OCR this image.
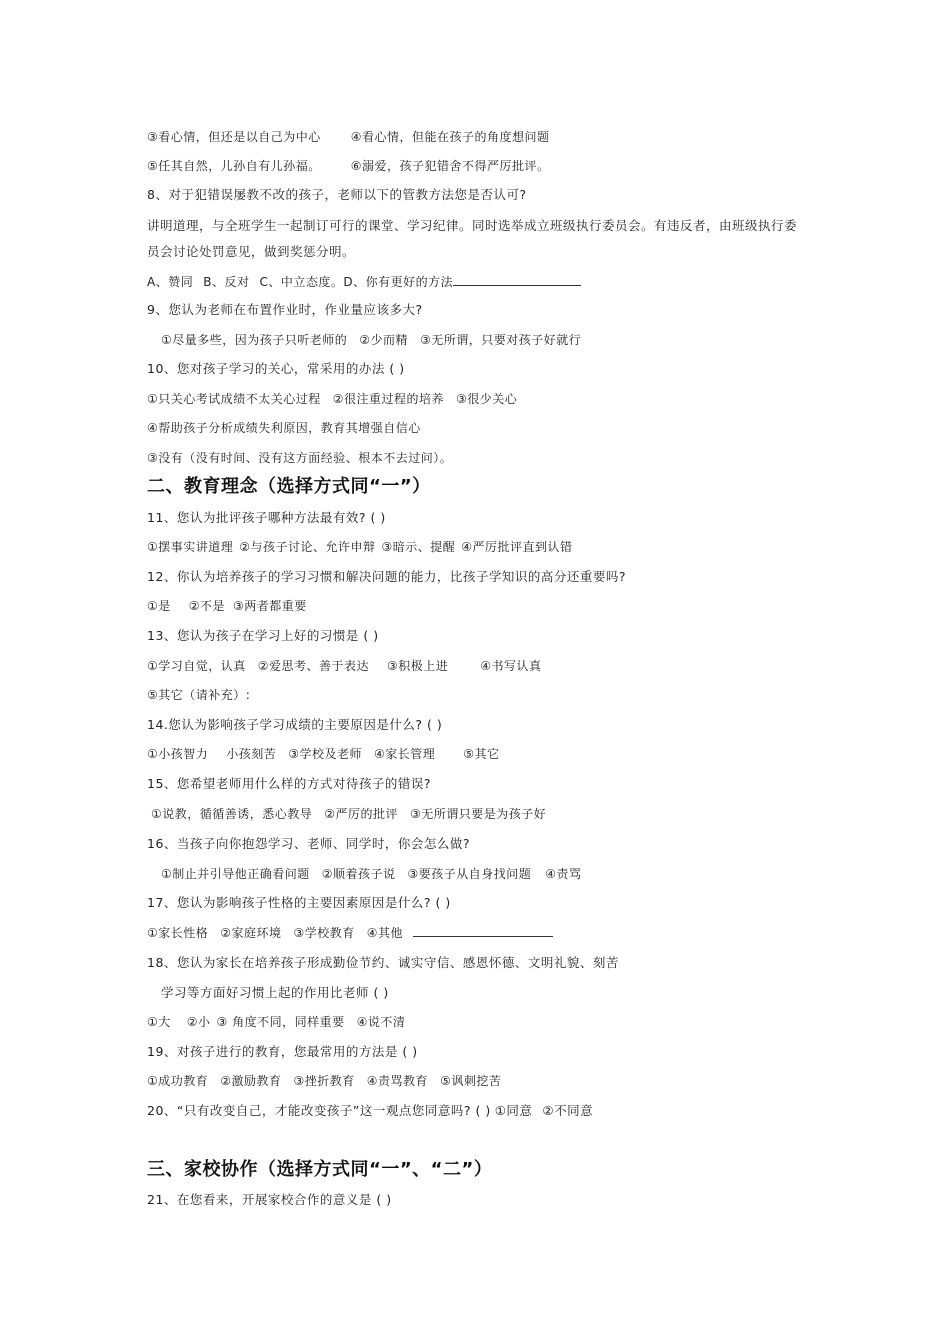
③看心情，但还是以自己为中心	④看心情，但能在孩子的角度想问题
⑤任其自然，儿孙自有儿孙福。	⑥溺爱，孩子犯错舍不得严厉批评。
8、对于犯错误屡教不改的孩子，老师以下的管教方法您是否认可?
讲明道理，与全班学生一起制订可行的课堂、学习纪律。同时选举成立班级执行委员会。有违反者，由班级执行委
员会讨论处罚意见，做到奖惩分明。
A、赞同 B、反对 C、中立态度。D、你有更好的方法
9、您认为老师在布置作业时，作业量应该多大?
①尽量多些，因为孩子只听老师的 ②少而精 ③无所谓，只要对孩子好就行
10、您对孩子学习的关心，常采用的办法 ( )
①只关心考试成绩不太关心过程 ②很注重过程的培养 ③很少关心
④帮助孩子分析成绩失利原因，教育其增强自信心
③没有（没有时间、没有这方面经验、根本不去过问）。
二、教育理念（选择方式同“一”）
11、您认为批评孩子哪种方法最有效? ( )
①摆事实讲道理 ②与孩子讨论、允许申辩 ③暗示、提醒 ④严厉批评直到认错
12、你认为培养孩子的学习习惯和解决问题的能力，比孩子学知识的高分还重要吗?
①是 ②不是 ③两者都重要
13、您认为孩子在学习上好的习惯是 ( )
①学习自觉，认真 ②爱思考、善于表达 ③积极上进	④书写认真
⑤其它（请补充）:
14.您认为影响孩子学习成绩的主要原因是什么? ( )
①小孩智力 小孩刻苦 ③学校及老师 ④家长管理 ⑤其它
15、您希望老师用什么样的方式对待孩子的错误?
①说教，循循善诱，悉心教导 ②严厉的批评 ③无所谓只要是为孩子好
16、当孩子向你抱怨学习、老师、同学时，你会怎么做?
①制止并引导他正确看问题 ②顺着孩子说 ③要孩子从自身找问题 ④责骂
17、您认为影响孩子性格的主要因素原因是什么? ( )
①家长性格 ②家庭环境 ③学校教育 ④其他
18、您认为家长在培养孩子形成勤俭节约、诚实守信、感恩怀德、文明礼貌、刻苦
学习等方面好习惯上起的作用比老师 ( )
①大 ②小 ③ 角度不同，同样重要 ④说不清
19、对孩子进行的教育，您最常用的方法是 ( )
①成功教育 ②激励教育 ③挫折教育 ④责骂教育 ⑤讽刺挖苦
20、“只有改变自己，才能改变孩子”这一观点您同意吗? ( ) ①同意 ②不同意
三、家校协作（选择方式同“一”、“二”）
21、在您看来，开展家校合作的意义是 ( )
